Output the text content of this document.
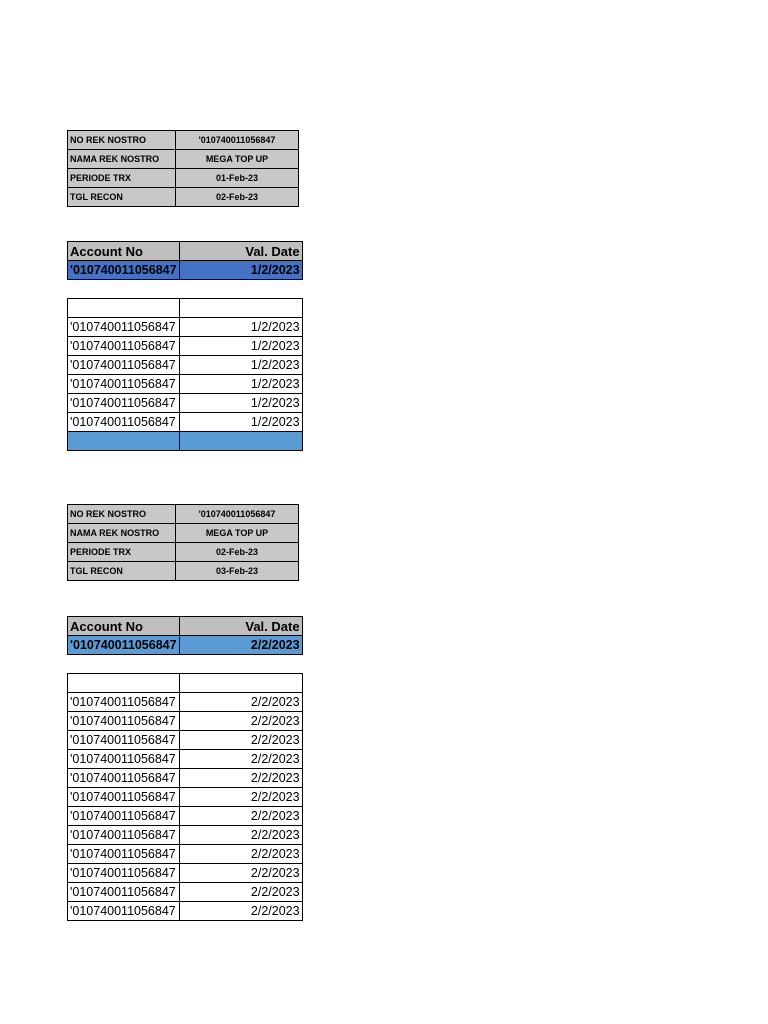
NO REK NOSTRO	'010740011056847
NAMA REK NOSTRO	MEGA TOP UP
PERIODE TRX	01-Feb-23
TGL RECON	02-Feb-23
Account No	Val. Date
'010740011056847	1/2/2023

'010740011056847	1/2/2023
'010740011056847	1/2/2023
'010740011056847	1/2/2023
'010740011056847	1/2/2023
'010740011056847	1/2/2023
'010740011056847	1/2/2023

NO REK NOSTRO	'010740011056847
NAMA REK NOSTRO	MEGA TOP UP
PERIODE TRX	02-Feb-23
TGL RECON	03-Feb-23
Account No	Val. Date
'010740011056847	2/2/2023

'010740011056847	2/2/2023
'010740011056847	2/2/2023
'010740011056847	2/2/2023
'010740011056847	2/2/2023
'010740011056847	2/2/2023
'010740011056847	2/2/2023
'010740011056847	2/2/2023
'010740011056847	2/2/2023
'010740011056847	2/2/2023
'010740011056847	2/2/2023
'010740011056847	2/2/2023
'010740011056847	2/2/2023
